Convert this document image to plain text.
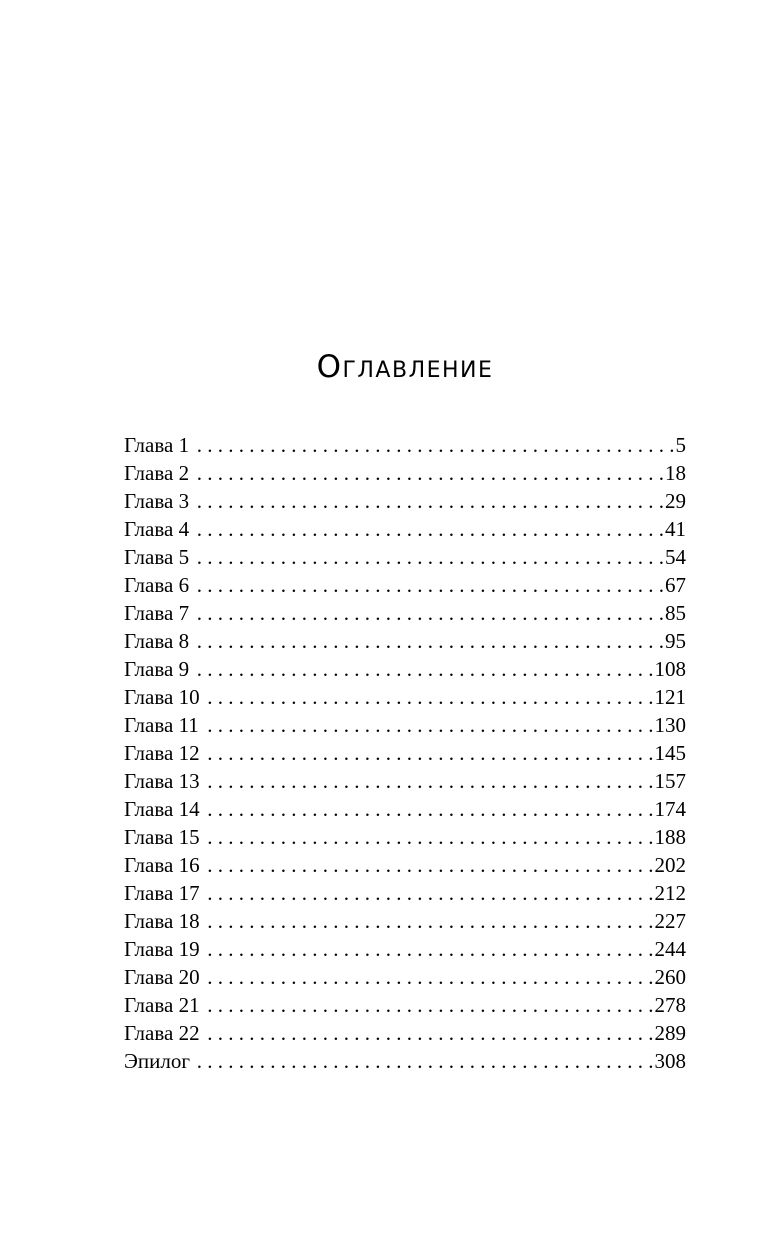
Оглавление
Глава 1 . . .	5
Глава 2 . . .	18
Глава 3 . . .	29
Глава 4 . . .	41
Глава 5 . . .	54
Глава 6 . . .	67
Глава 7 . . .	85
Глава 8 . . .	95
Глава 9 . . .	108
Глава 10 . . .	121
Глава 11 . . .	130
Глава 12 . . .	145
Глава 13 . . .	157
Глава 14 . . .	174
Глава 15 . . .	188
Глава 16 . . .	202
Глава 17 . . .	212
Глава 18 . . .	227
Глава 19 . . .	244
Глава 20 . . .	260
Глава 21 . . .	278
Глава 22 . . .	289
Эпилог . . .	308
